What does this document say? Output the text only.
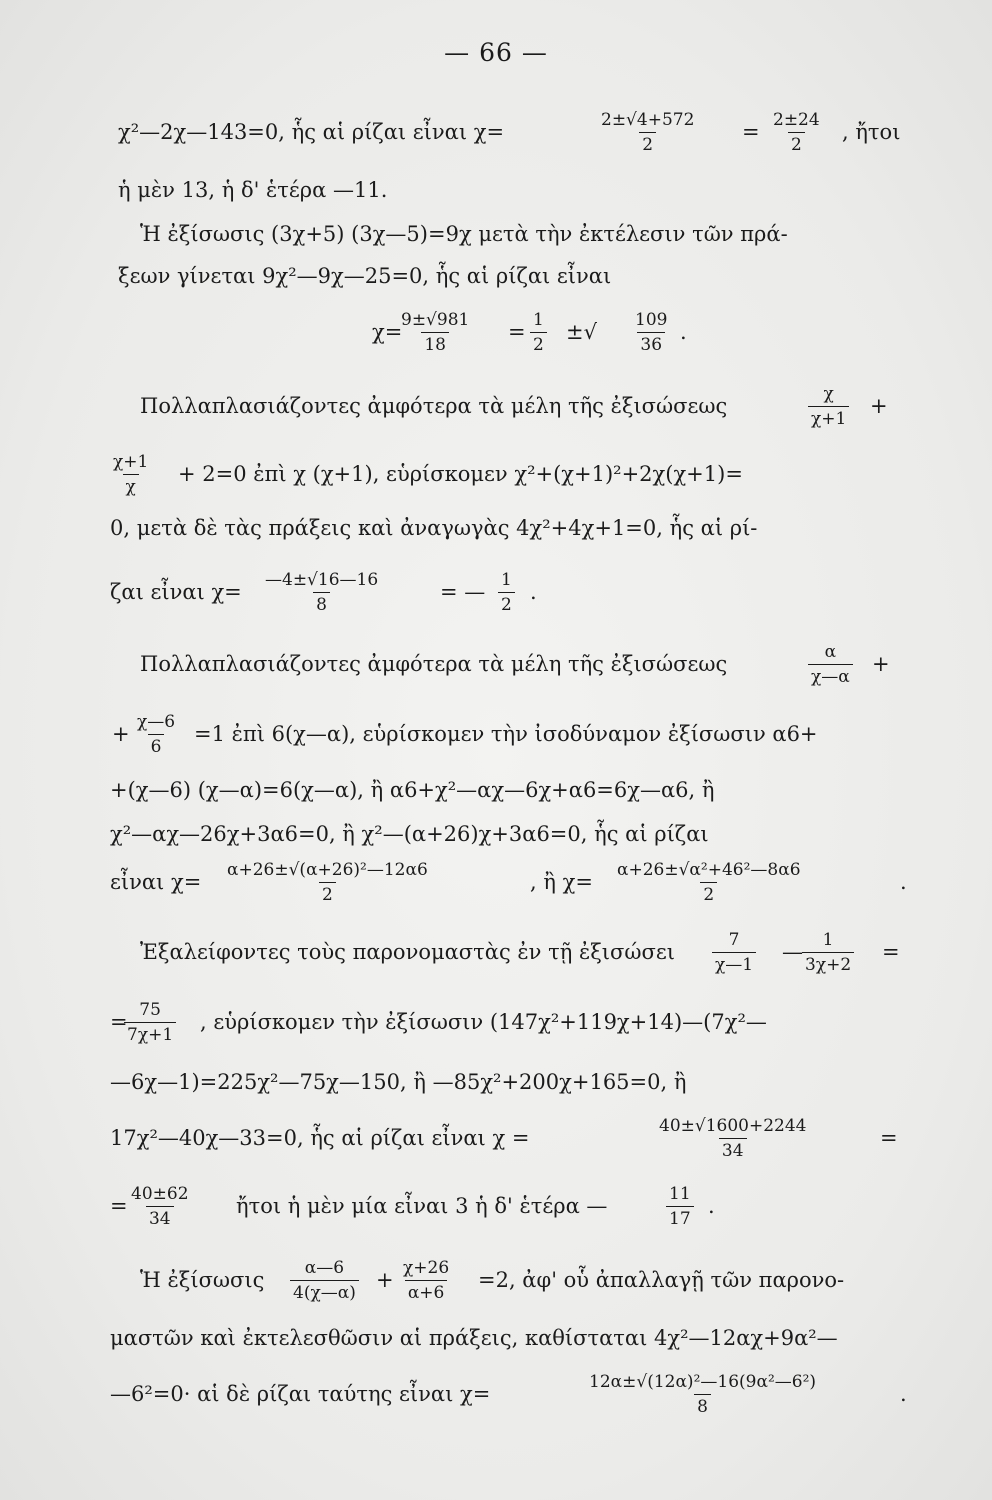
— 66 —
χ²—2χ—143=0, ἧς αἱ ρίζαι εἶναι χ=
2±√4+572
2
=
2±24
2
, ἤτοι
ἡ μὲν 13, ἡ δ' ἑτέρα —11.
Ἡ ἐξίσωσις (3χ+5) (3χ—5)=9χ μετὰ τὴν ἐκτέλεσιν τῶν πρά-
ξεων γίνεται 9χ²—9χ—25=0, ἧς αἱ ρίζαι εἶναι
χ=
9±√981
18
=
1
2
±√
109
36
.
Πολλαπλασιάζοντες ἀμφότερα τὰ μέλη τῆς ἐξισώσεως
χ
χ+1
+
χ+1
χ
+ 2=0 ἐπὶ χ (χ+1), εὑρίσκομεν χ²+(χ+1)²+2χ(χ+1)=
0, μετὰ δὲ τὰς πράξεις καὶ ἀναγωγὰς 4χ²+4χ+1=0, ἧς αἱ ρί-
ζαι εἶναι χ=
—4±√16—16
8
= —
1
2
.
Πολλαπλασιάζοντες ἀμφότερα τὰ μέλη τῆς ἐξισώσεως
α
χ—α
+
+
χ—6
6
=1 ἐπὶ 6(χ—α), εὑρίσκομεν τὴν ἰσοδύναμον ἐξίσωσιν α6+
+(χ—6) (χ—α)=6(χ—α), ἢ α6+χ²—αχ—6χ+α6=6χ—α6, ἢ
χ²—αχ—26χ+3α6=0, ἢ χ²—(α+26)χ+3α6=0, ἧς αἱ ρίζαι
εἶναι χ=
α+26±√(α+26)²—12α6
2
, ἢ χ=
α+26±√α²+46²—8α6
2
.
Ἐξαλείφοντες τοὺς παρονομαστὰς ἐν τῇ ἐξισώσει
7
χ—1
—
1
3χ+2
=
=
75
7χ+1
, εὑρίσκομεν τὴν ἐξίσωσιν (147χ²+119χ+14)—(7χ²—
—6χ—1)=225χ²—75χ—150, ἢ —85χ²+200χ+165=0, ἢ
17χ²—40χ—33=0, ἧς αἱ ρίζαι εἶναι χ =
40±√1600+2244
34
=
=
40±62
34
ἤτοι ἡ μὲν μία εἶναι 3 ἡ δ' ἑτέρα —
11
17
.
Ἡ ἐξίσωσις
α—6
4(χ—α)
+
χ+26
α+6
=2, ἀφ' οὗ ἀπαλλαγῇ τῶν παρονο-
μαστῶν καὶ ἐκτελεσθῶσιν αἱ πράξεις, καθίσταται 4χ²—12αχ+9α²—
—6²=0· αἱ δὲ ρίζαι ταύτης εἶναι χ=
12α±√(12α)²—16(9α²—6²)
8
.
